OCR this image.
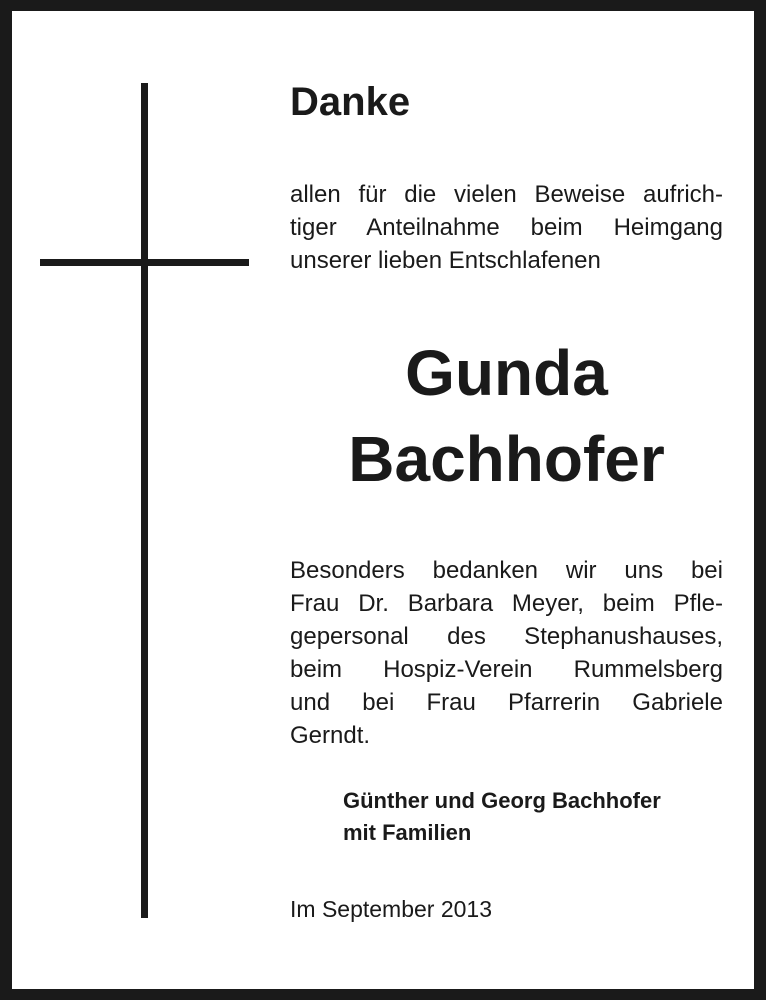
Danke

allen für die vielen Beweise aufrich-
tiger Anteilnahme beim Heimgang
unserer lieben Entschlafenen

Gunda
Bachhofer

Besonders bedanken wir uns bei
Frau Dr. Barbara Meyer, beim Pfle-
gepersonal des Stephanushauses,
beim Hospiz-Verein Rummelsberg
und bei Frau Pfarrerin Gabriele
Gerndt.

Günther und Georg Bachhofer
mit Familien

Im September 2013
